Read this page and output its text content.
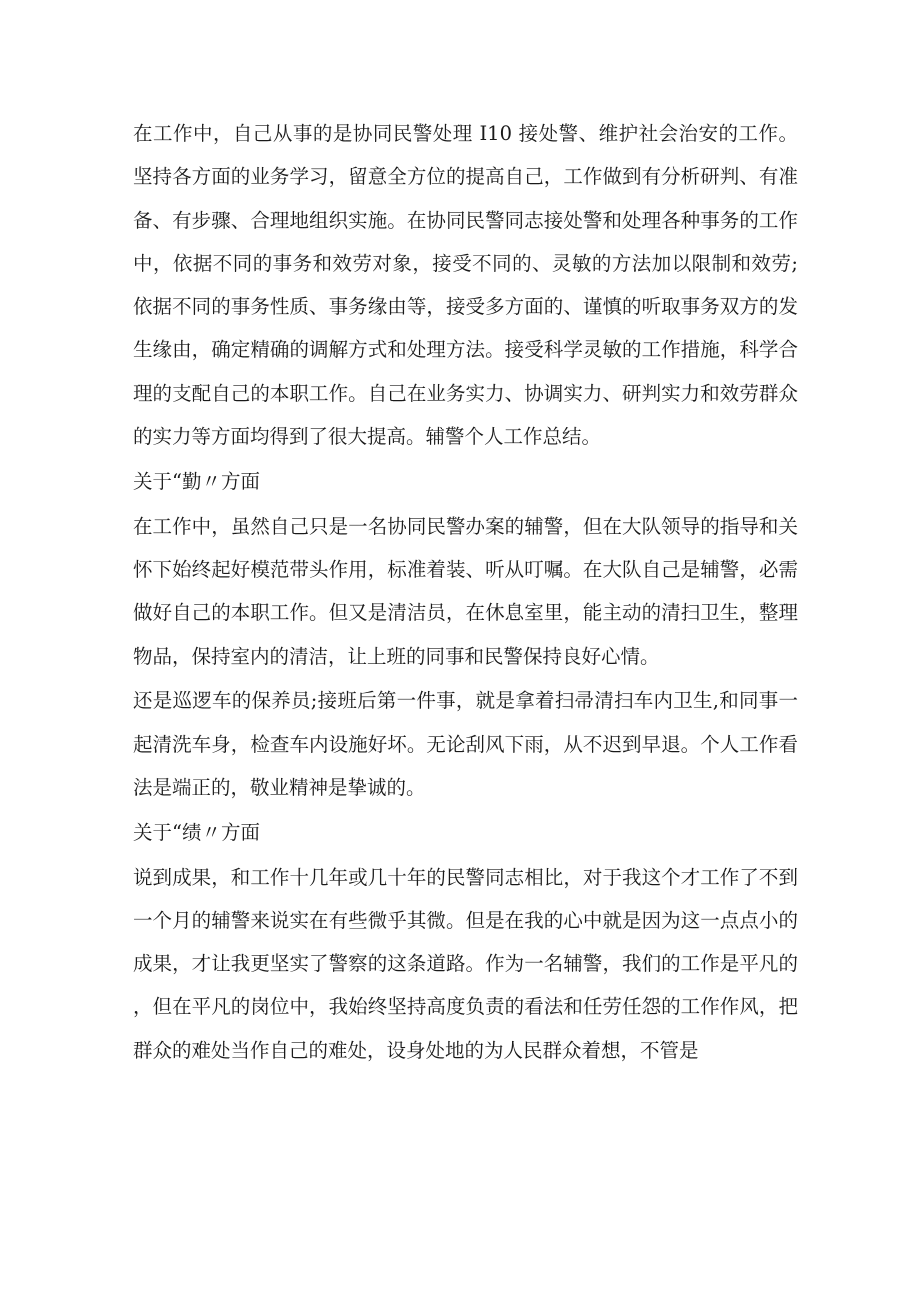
在工作中，自己从事的是协同民警处理 I10 接处警、维护社会治安的工作。坚持各方面的业务学习，留意全方位的提高自己，工作做到有分析研判、有准备、有步骤、合理地组织实施。在协同民警同志接处警和处理各种事务的工作中，依据不同的事务和效劳对象，接受不同的、灵敏的方法加以限制和效劳;依据不同的事务性质、事务缘由等，接受多方面的、谨慎的听取事务双方的发生缘由，确定精确的调解方式和处理方法。接受科学灵敏的工作措施，科学合理的支配自己的本职工作。自己在业务实力、协调实力、研判实力和效劳群众的实力等方面均得到了很大提高。辅警个人工作总结。

关于“勤〃方面

在工作中，虽然自己只是一名协同民警办案的辅警，但在大队领导的指导和关怀下始终起好模范带头作用，标准着装、听从叮嘱。在大队自己是辅警，必需做好自己的本职工作。但又是清洁员，在休息室里，能主动的清扫卫生，整理物品，保持室内的清洁，让上班的同事和民警保持良好心情。

还是巡逻车的保养员;接班后第一件事，就是拿着扫帚清扫车内卫生,和同事一起清洗车身，检查车内设施好坏。无论刮风下雨，从不迟到早退。个人工作看法是端正的，敬业精神是挚诚的。

关于“绩〃方面

说到成果，和工作十几年或几十年的民警同志相比，对于我这个才工作了不到一个月的辅警来说实在有些微乎其微。但是在我的心中就是因为这一点点小的成果，才让我更坚实了警察的这条道路。作为一名辅警，我们的工作是平凡的，但在平凡的岗位中，我始终坚持高度负责的看法和任劳任怨的工作作风，把群众的难处当作自己的难处，设身处地的为人民群众着想，不管是
